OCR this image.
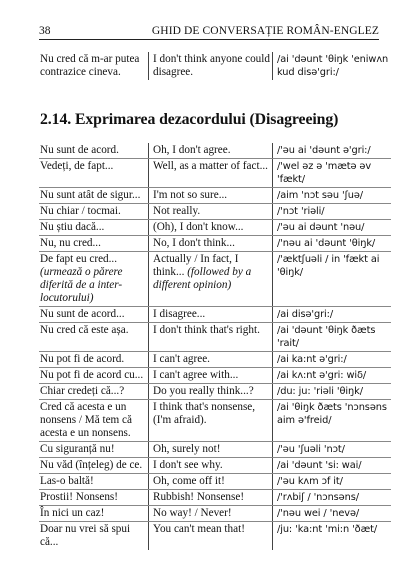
38	GHID DE CONVERSAȚIE ROMÂN-ENGLEZ
Nu cred că m-ar putea contrazice cineva.	I don't think anyone could disagree.	/ai 'dəunt 'θiŋk 'eniwʌn kud disə'gri:/
2.14. Exprimarea dezacordului (Disagreeing)
Nu sunt de acord.	Oh, I don't agree.	/'əu ai 'dəunt ə'gri:/
Vedeți, de fapt...	Well, as a matter of fact...	/'wel əz ə 'mætə əv 'fækt/
Nu sunt atât de sigur...	I'm not so sure...	/aim 'nɔt səu 'ʃuə/
Nu chiar / tocmai.	Not really.	/'nɔt 'riəli/
Nu știu dacă...	(Oh), I don't know...	/'əu ai dəunt 'nəu/
Nu, nu cred...	No, I don't think...	/'nəu ai 'dəunt 'θiŋk/
De fapt eu cred... (urmează o părere diferită de a inter-locutorului)	Actually / In fact, I think... (followed by a different opinion)	/'æktʃuəli / in 'fækt ai 'θiŋk/
Nu sunt de acord...	I disagree...	/ai disə'gri:/
Nu cred că este așa.	I don't think that's right.	/ai 'dəunt 'θiŋk ðæts 'rait/
Nu pot fi de acord.	I can't agree.	/ai ka:nt ə'gri:/
Nu pot fi de acord cu...	I can't agree with...	/ai kʌ:nt ə'gri: wiδ/
Chiar credeți că...?	Do you really think...?	/du: ju: 'riəli 'θiŋk/
Cred că acesta e un nonsens / Mă tem că acesta e un nonsens.	I think that's nonsense, (I'm afraid).	/ai 'θiŋk ðæts 'nɔnsəns aim ə'freid/
Cu siguranță nu!	Oh, surely not!	/'əu 'ʃuəli 'nɔt/
Nu văd (înțeleg) de ce.	I don't see why.	/ai 'dəunt 'si: wai/
Las-o baltă!	Oh, come off it!	/'əu kʌm ɔf it/
Prostii! Nonsens!	Rubbish! Nonsense!	/'rʌbiʃ / 'nɔnsəns/
În nici un caz!	No way! / Never!	/'nəu wei / 'nevə/
Doar nu vrei să spui că...	You can't mean that!	/ju: 'ka:nt 'mi:n 'ðæt/
